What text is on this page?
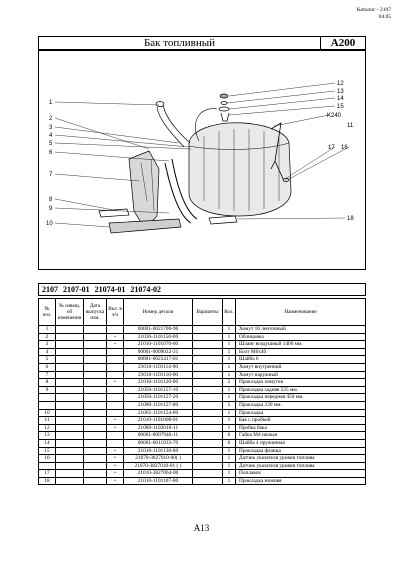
Каталог - 2107
04.05
Бак топливный	A200
1
2
3
4
5
6
7
8
9
10
12
13
14
15
K240
11
17 16
18
2107 2107-01 21074-01 21074-02
№ поз.	№ извещ. об изменении	Дата выпуска изм.	Вкл. в з/ч	Номер детали	Варианты	Кол.	Наименование
1				00001-0021700-90		1	Хомут 16 ленточный
2			+	21030-1101150-00		1	Облицовка
3			+	21010-1101070-00		1	Шланг воздушный 1400 мм.
4				00001-0009032-21		1	Болт М6х40
5				00001-0025417-01		1	Шайба 6
6				21010-1101114-00		1	Хомут внутренний
7				21010-1101110-00		1	Хомут наружный
8			+	21010-1101120-00		2	Прокладка хомутов
9				21050-1101157-10		1	Прокладка задняя 225 мм.
				21050-1101157-20		1	Прокладка передняя 450 мм.
				21080-1101157-00		5	Прокладка 220 мм.
10				21061-1101154-00		1	Прокладка
11			+	21010-1101008-01		1	Бак с пробкой
12			+	21080-1103010-11		1	Пробка бака
13				00001-0007940-11		6	Гайка М4 низкая
14				00001-0011933-70		6	Шайба 4 пружинная
15			+	21010-1101138-00		1	Прокладка фланца
16			+	21070-3827010-00( )		1	Датчик указателя уровня топлива
			+	21070-3827010-01 ( )		1	Датчик указателя уровня топлива
17			+	21010-3827064-00		1	Поплавок
18			+	21010-1101107-00		1	Прокладка нижняя
A13
